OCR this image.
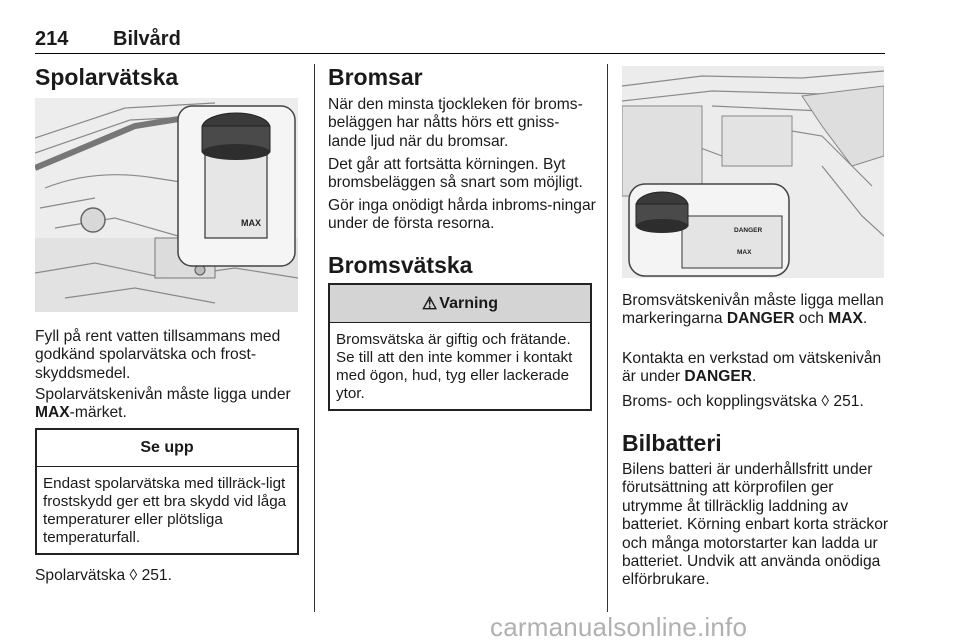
214 Bilvård
Spolarvätska
MAX

Fyll på rent vatten tillsammans med godkänd spolarvätska och frost-skyddsmedel.

Spolarvätskenivån måste ligga under MAX-märket.

Se upp
Endast spolarvätska med tillräck-ligt frostskydd ger ett bra skydd vid låga temperaturer eller plötsliga temperaturfall.

Spolarvätska ◊ 251.

Bromsar

När den minsta tjockleken för broms-beläggen har nåtts hörs ett gniss-lande ljud när du bromsar.

Det går att fortsätta körningen. Byt bromsbeläggen så snart som möjligt.

Gör inga onödigt hårda inbroms-ningar under de första resorna.

Bromsvätska
⚠ Varning
Bromsvätska är giftig och frätande. Se till att den inte kommer i kontakt med ögon, hud, tyg eller lackerade ytor.
DANGER
MAX

Bromsvätskenivån måste ligga mellan markeringarna DANGER och MAX.

Kontakta en verkstad om vätskenivån är under DANGER.

Broms- och kopplingsvätska ◊ 251.

Bilbatteri

Bilens batteri är underhållsfritt under förutsättning att körprofilen ger utrymme åt tillräcklig laddning av batteriet. Körning enbart korta sträckor och många motorstarter kan ladda ur batteriet. Undvik att använda onödiga elförbrukare.

carmanualsonline.info
